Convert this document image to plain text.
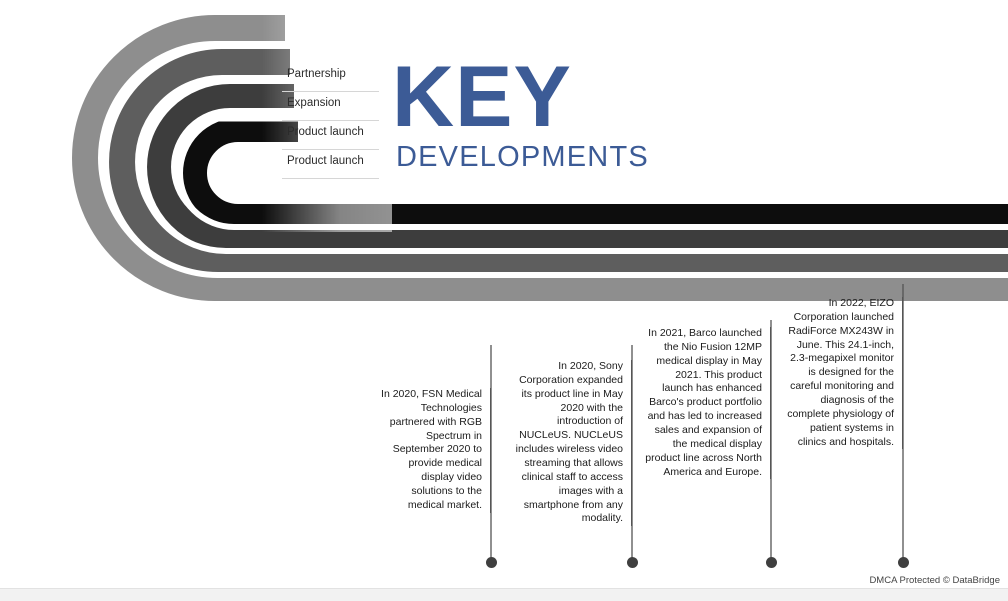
Partnership
Expansion
Product launch
Product launch
KEY
DEVELOPMENTS
In 2020, FSN Medical Technologies partnered with RGB Spectrum in September 2020 to provide medical display video solutions to the medical market.
In 2020, Sony Corporation expanded its product line in May 2020 with the introduction of NUCLeUS. NUCLeUS includes wireless video streaming that allows clinical staff to access images with a smartphone from any modality.
In 2021, Barco launched the Nio Fusion 12MP medical display in May 2021. This product launch has enhanced Barco's product portfolio and has led to increased sales and expansion of the medical display product line across North America and Europe.
In 2022, EIZO Corporation launched RadiForce MX243W in June. This 24.1-inch, 2.3-megapixel monitor is designed for the careful monitoring and diagnosis of the complete physiology of patient systems in clinics and hospitals.
DMCA Protected © DataBridge
